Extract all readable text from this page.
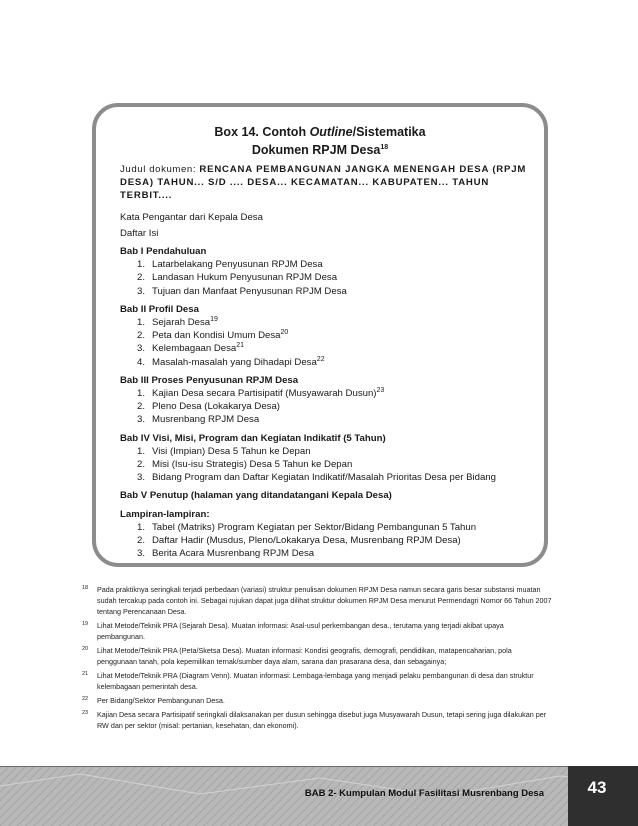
Box 14. Contoh Outline/Sistematika
Dokumen RPJM Desa$^{18}$
Judul dokumen: RENCANA PEMBANGUNAN JANGKA MENENGAH DESA (RPJM DESA) TAHUN... S/D .... DESA... KECAMATAN... KABUPATEN... TAHUN TERBIT....
Kata Pengantar dari Kepala Desa
Daftar Isi
Bab I Pendahuluan
1. Latarbelakang Penyusunan RPJM Desa
2. Landasan Hukum Penyusunan RPJM Desa
3. Tujuan dan Manfaat Penyusunan RPJM Desa
Bab II Profil Desa
1. Sejarah Desa$^{19}$
2. Peta dan Kondisi Umum Desa$^{20}$
3. Kelembagaan Desa$^{21}$
4. Masalah-masalah yang Dihadapi Desa$^{22}$
Bab III Proses Penyusunan RPJM Desa
1. Kajian Desa secara Partisipatif (Musyawarah Dusun)$^{23}$
2. Pleno Desa (Lokakarya Desa)
3. Musrenbang RPJM Desa
Bab IV Visi, Misi, Program dan Kegiatan Indikatif (5 Tahun)
1. Visi (Impian) Desa 5 Tahun ke Depan
2. Misi (Isu-isu Strategis) Desa 5 Tahun ke Depan
3. Bidang Program dan Daftar Kegiatan Indikatif/Masalah Prioritas Desa per Bidang
Bab V Penutup (halaman yang ditandatangani Kepala Desa)
Lampiran-lampiran:
1. Tabel (Matriks) Program Kegiatan per Sektor/Bidang Pembangunan 5 Tahun
2. Daftar Hadir (Musdus, Pleno/Lokakarya Desa, Musrenbang RPJM Desa)
3. Berita Acara Musrenbang RPJM Desa
18 Pada praktiknya seringkali terjadi perbedaan (variasi) struktur penulisan dokumen RPJM Desa namun secara garis besar substansi muatan sudah tercakup pada contoh ini. Sebagai rujukan dapat juga dilihat struktur dokumen RPJM Desa menurut Permendagri Nomor 66 Tahun 2007 tentang Perencanaan Desa.
19 Lihat Metode/Teknik PRA (Sejarah Desa). Muatan informasi: Asal-usul perkembangan desa., terutama yang terjadi akibat upaya pembangunan.
20 Lihat Metode/Teknik PRA (Peta/Sketsa Desa). Muatan informasi: Kondisi geografis, demografi, pendidikan, matapencaharian, pola penggunaan tanah, pola kepemilikan ternak/sumber daya alam, sarana dan prasarana desa, dan sebagainya;
21 Lihat Metode/Teknik PRA (Diagram Venn). Muatan informasi: Lembaga-lembaga yang menjadi pelaku pembangunan di desa dan struktur kelembagaan pemerintah desa.
22 Per Bidang/Sektor Pembangunan Desa.
23 Kajian Desa secara Partisipatif seringkali dilaksanakan per dusun sehingga disebut juga Musyawarah Dusun, tetapi sering juga dilakukan per RW dan per sektor (misal: pertanian, kesehatan, dan ekonomi).
BAB 2- Kumpulan Modul Fasilitasi Musrenbang Desa	43
